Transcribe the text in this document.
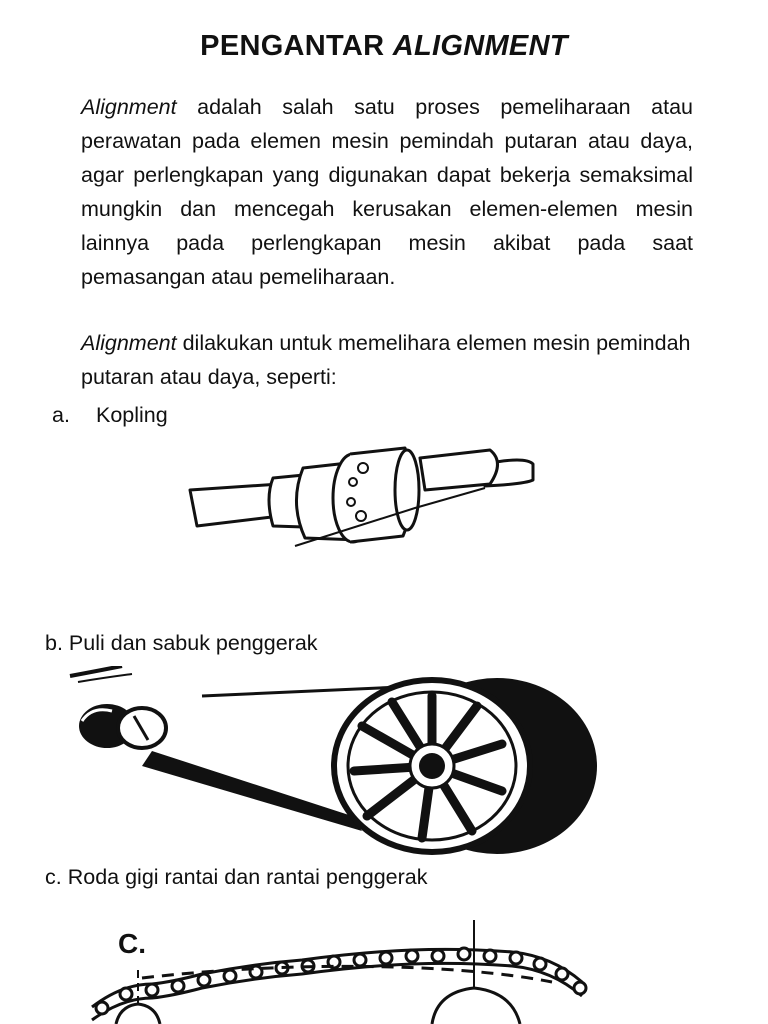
PENGANTAR ALIGNMENT
Alignment adalah salah satu proses pemeliharaan atau perawatan pada elemen mesin pemindah putaran atau daya, agar perlengkapan yang digunakan dapat bekerja semaksimal mungkin dan mencegah kerusakan elemen-elemen mesin lainnya pada perlengkapan mesin akibat pada saat pemasangan atau pemeliharaan.
Alignment dilakukan untuk memelihara elemen mesin pemindah putaran atau daya, seperti:
a. Kopling
b. Puli dan sabuk penggerak
c. Roda gigi rantai dan rantai penggerak
C.
